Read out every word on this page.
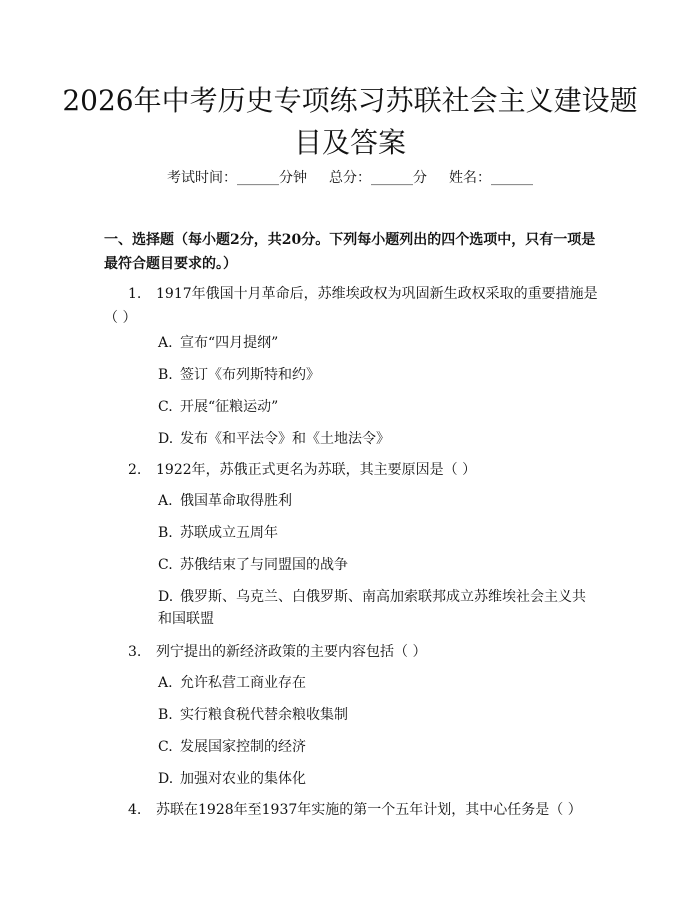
2026年中考历史专项练习苏联社会主义建设题目及答案
考试时间：______分钟 总分：______分 姓名：______
一、选择题（每小题2分，共20分。下列每小题列出的四个选项中，只有一项是最符合题目要求的。）
1. 1917年俄国十月革命后，苏维埃政权为巩固新生政权采取的重要措施是（ ）
A. 宣布“四月提纲”
B. 签订《布列斯特和约》
C. 开展“征粮运动”
D. 发布《和平法令》和《土地法令》
2. 1922年，苏俄正式更名为苏联，其主要原因是（ ）
A. 俄国革命取得胜利
B. 苏联成立五周年
C. 苏俄结束了与同盟国的战争
D. 俄罗斯、乌克兰、白俄罗斯、南高加索联邦成立苏维埃社会主义共和国联盟
3. 列宁提出的新经济政策的主要内容包括（ ）
A. 允许私营工商业存在
B. 实行粮食税代替余粮收集制
C. 发展国家控制的经济
D. 加强对农业的集体化
4. 苏联在1928年至1937年实施的第一个五年计划，其中心任务是（ ）
